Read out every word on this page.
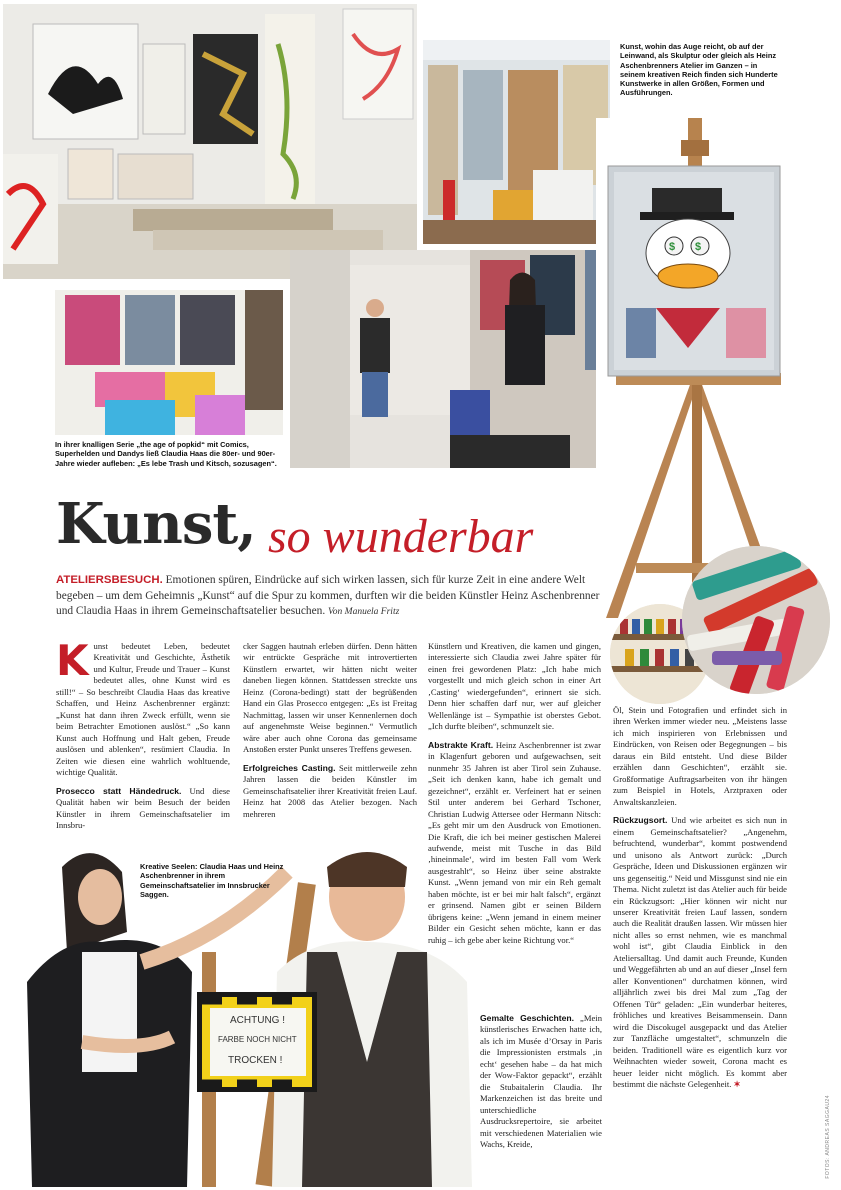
$ $
ACHTUNG !
FARBE NOCH NICHT
TROCKEN !
Kunst, wohin das Auge reicht, ob auf der Leinwand, als Skulptur oder gleich als Heinz Aschenbrenners Atelier im Ganzen – in seinem kreativen Reich finden sich Hunderte Kunstwerke in allen Größen, Formen und Ausführungen.
In ihrer knalligen Serie „the age of popkid“ mit Comics, Superhelden und Dandys ließ Claudia Haas die 80er- und 90er-Jahre wieder aufleben: „Es lebe Trash und Kitsch, sozusagen“.
Kreative Seelen: Claudia Haas und Heinz Aschenbrenner in ihrem Gemeinschaftsatelier im Innsbrucker Saggen.
Kunst, so wunderbar
ATELIERSBESUCH. Emotionen spüren, Eindrücke auf sich wirken lassen, sich für kurze Zeit in eine andere Welt begeben – um dem Geheimnis „Kunst“ auf die Spur zu kommen, durften wir die beiden Künstler Heinz Aschenbrenner und Claudia Haas in ihrem Gemeinschaftsatelier besuchen. Von Manuela Fritz

Kunst bedeutet Leben, bedeutet Kreativität und Geschichte, Ästhetik und Kultur, Freude und Trauer – Kunst bedeutet alles, ohne Kunst wird es still!“ – So beschreibt Claudia Haas das kreative Schaffen, und Heinz Aschenbrenner ergänzt: „Kunst hat dann ihren Zweck erfüllt, wenn sie beim Betrachter Emotionen auslöst.“ „So kann Kunst auch Hoffnung und Halt geben, Freude auslösen und ablenken“, resümiert Claudia. In Zeiten wie diesen eine wahrlich wohltuende, wichtige Qualität.

Prosecco statt Händedruck. Und diese Qualität haben wir beim Besuch der beiden Künstler in ihrem Gemeinschaftsatelier im Innsbru-

cker Saggen hautnah erleben dürfen. Denn hätten wir entrückte Gespräche mit introvertierten Künstlern erwartet, wir hätten nicht weiter daneben liegen können. Stattdessen streckte uns Heinz (Corona-bedingt) statt der begrüßenden Hand ein Glas Prosecco entgegen: „Es ist Freitag Nachmittag, lassen wir unser Kennenlernen doch auf angenehmste Weise beginnen.“ Vermutlich wäre aber auch ohne Corona das gemeinsame Anstoßen erster Punkt unseres Treffens gewesen.

Erfolgreiches Casting. Seit mittlerweile zehn Jahren lassen die beiden Künstler im Gemeinschaftsatelier ihrer Kreativität freien Lauf. Heinz hat 2008 das Atelier bezogen. Nach mehreren

Künstlern und Kreativen, die kamen und gingen, interessierte sich Claudia zwei Jahre später für einen frei gewordenen Platz: „Ich habe mich vorgestellt und mich gleich schon in einer Art ‚Casting‘ wiedergefunden“, erinnert sie sich. Denn hier schaffen darf nur, wer auf gleicher Wellenlänge ist – Sympathie ist oberstes Gebot. „Ich durfte bleiben“, schmunzelt sie.

Abstrakte Kraft. Heinz Aschenbrenner ist zwar in Klagenfurt geboren und aufgewachsen, seit nunmehr 35 Jahren ist aber Tirol sein Zuhause. „Seit ich denken kann, habe ich gemalt und gezeichnet“, erzählt er. Verfeinert hat er seinen Stil unter anderem bei Gerhard Tschoner, Christian Ludwig Attersee oder Hermann Nitsch: „Es geht mir um den Ausdruck von Emotionen. Die Kraft, die ich bei meiner gestischen Malerei aufwende, meist mit Tusche in das Bild ‚hineinmale‘, wird im besten Fall vom Werk ausgestrahlt“, so Heinz über seine abstrakte Kunst. „Wenn jemand von mir ein Reh gemalt haben möchte, ist er bei mir halt falsch“, ergänzt er grinsend. Namen gibt er seinen Bildern übrigens keine: „Wenn jemand in einem meiner Bilder ein Gesicht sehen möchte, kann er das ruhig – ich gebe aber keine Richtung vor.“

Gemalte Geschichten. „Mein künstlerisches Erwachen hatte ich, als ich im Musée d’Orsay in Paris die Impressionisten erstmals ‚in echt‘ gesehen habe – da hat mich der Wow-Faktor gepackt“, erzählt die Stubaitalerin Claudia. Ihr Markenzeichen ist das breite und unterschiedliche Ausdrucksrepertoire, sie arbeitet mit verschiedenen Materialien wie Wachs, Kreide,

Öl, Stein und Fotografien und erfindet sich in ihren Werken immer wieder neu. „Meistens lasse ich mich inspirieren von Erlebnissen und Eindrücken, von Reisen oder Begegnungen – bis daraus ein Bild entsteht. Und diese Bilder erzählen dann Geschichten“, erzählt sie. Großformatige Auftragsarbeiten von ihr hängen zum Beispiel in Hotels, Arztpraxen oder Anwaltskanzleien.

Rückzugsort. Und wie arbeitet es sich nun in einem Gemeinschaftsatelier? „Angenehm, befruchtend, wunderbar“, kommt postwendend und unisono als Antwort zurück: „Durch Gespräche, Ideen und Diskussionen ergänzen wir uns gegenseitig.“ Neid und Missgunst sind nie ein Thema. Nicht zuletzt ist das Atelier auch für beide ein Rückzugsort: „Hier können wir nicht nur unserer Kreativität freien Lauf lassen, sondern auch die Realität draußen lassen. Wir müssen hier nicht alles so ernst nehmen, wie es manchmal wohl ist“, gibt Claudia Einblick in den Ateliersalltag. Und damit auch Freunde, Kunden und Weggefährten ab und an auf dieser „Insel fern aller Konventionen“ durchatmen können, wird alljährlich zwei bis drei Mal zum „Tag der Offenen Tür“ geladen: „Ein wunderbar heiteres, fröhliches und kreatives Beisammensein. Dann wird die Discokugel ausgepackt und das Atelier zur Tanzfläche umgestaltet“, schmunzeln die beiden. Traditionell wäre es eigentlich kurz vor Weihnachten wieder soweit, Corona macht es heuer leider nicht möglich. Es kommt aber bestimmt die nächste Gelegenheit. ✶

FOTOS: ANDREAS SAGGAU24
